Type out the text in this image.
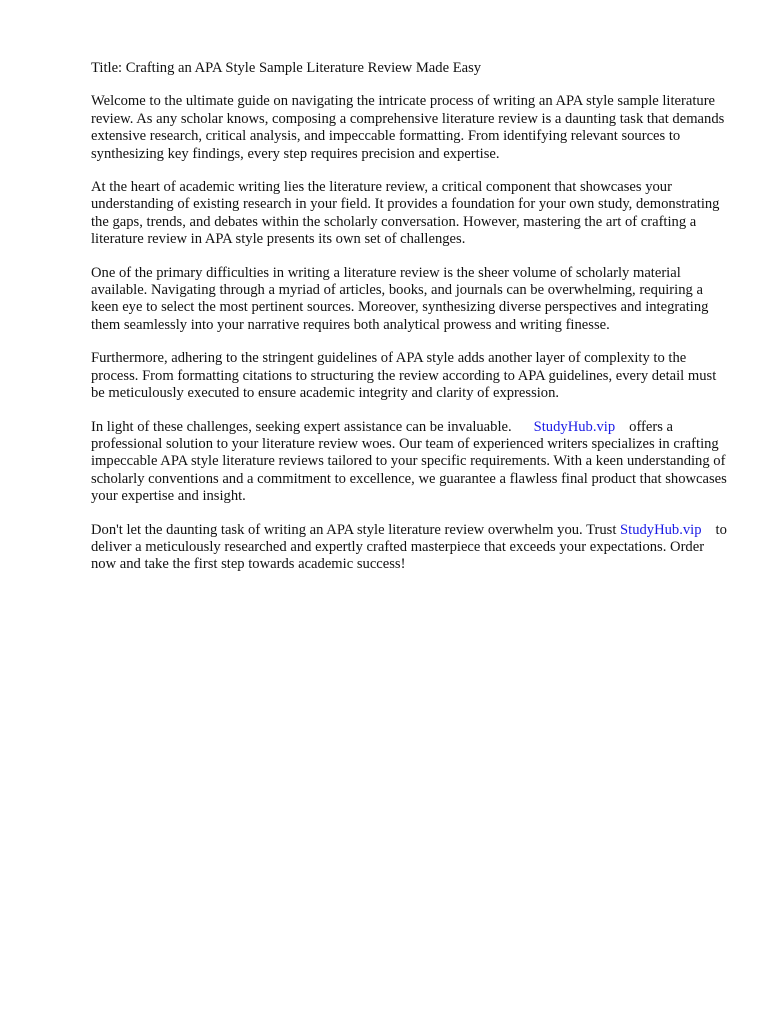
Title: Crafting an APA Style Sample Literature Review Made Easy

Welcome to the ultimate guide on navigating the intricate process of writing an APA style sample literature review. As any scholar knows, composing a comprehensive literature review is a daunting task that demands extensive research, critical analysis, and impeccable formatting. From identifying relevant sources to synthesizing key findings, every step requires precision and expertise.

At the heart of academic writing lies the literature review, a critical component that showcases your understanding of existing research in your field. It provides a foundation for your own study, demonstrating the gaps, trends, and debates within the scholarly conversation. However, mastering the art of crafting a literature review in APA style presents its own set of challenges.

One of the primary difficulties in writing a literature review is the sheer volume of scholarly material available. Navigating through a myriad of articles, books, and journals can be overwhelming, requiring a keen eye to select the most pertinent sources. Moreover, synthesizing diverse perspectives and integrating them seamlessly into your narrative requires both analytical prowess and writing finesse.

Furthermore, adhering to the stringent guidelines of APA style adds another layer of complexity to the process. From formatting citations to structuring the review according to APA guidelines, every detail must be meticulously executed to ensure academic integrity and clarity of expression.

In light of these challenges, seeking expert assistance can be invaluable. StudyHub.vip offers a professional solution to your literature review woes. Our team of experienced writers specializes in crafting impeccable APA style literature reviews tailored to your specific requirements. With a keen understanding of scholarly conventions and a commitment to excellence, we guarantee a flawless final product that showcases your expertise and insight.

Don't let the daunting task of writing an APA style literature review overwhelm you. Trust StudyHub.vip to deliver a meticulously researched and expertly crafted masterpiece that exceeds your expectations. Order now and take the first step towards academic success!
